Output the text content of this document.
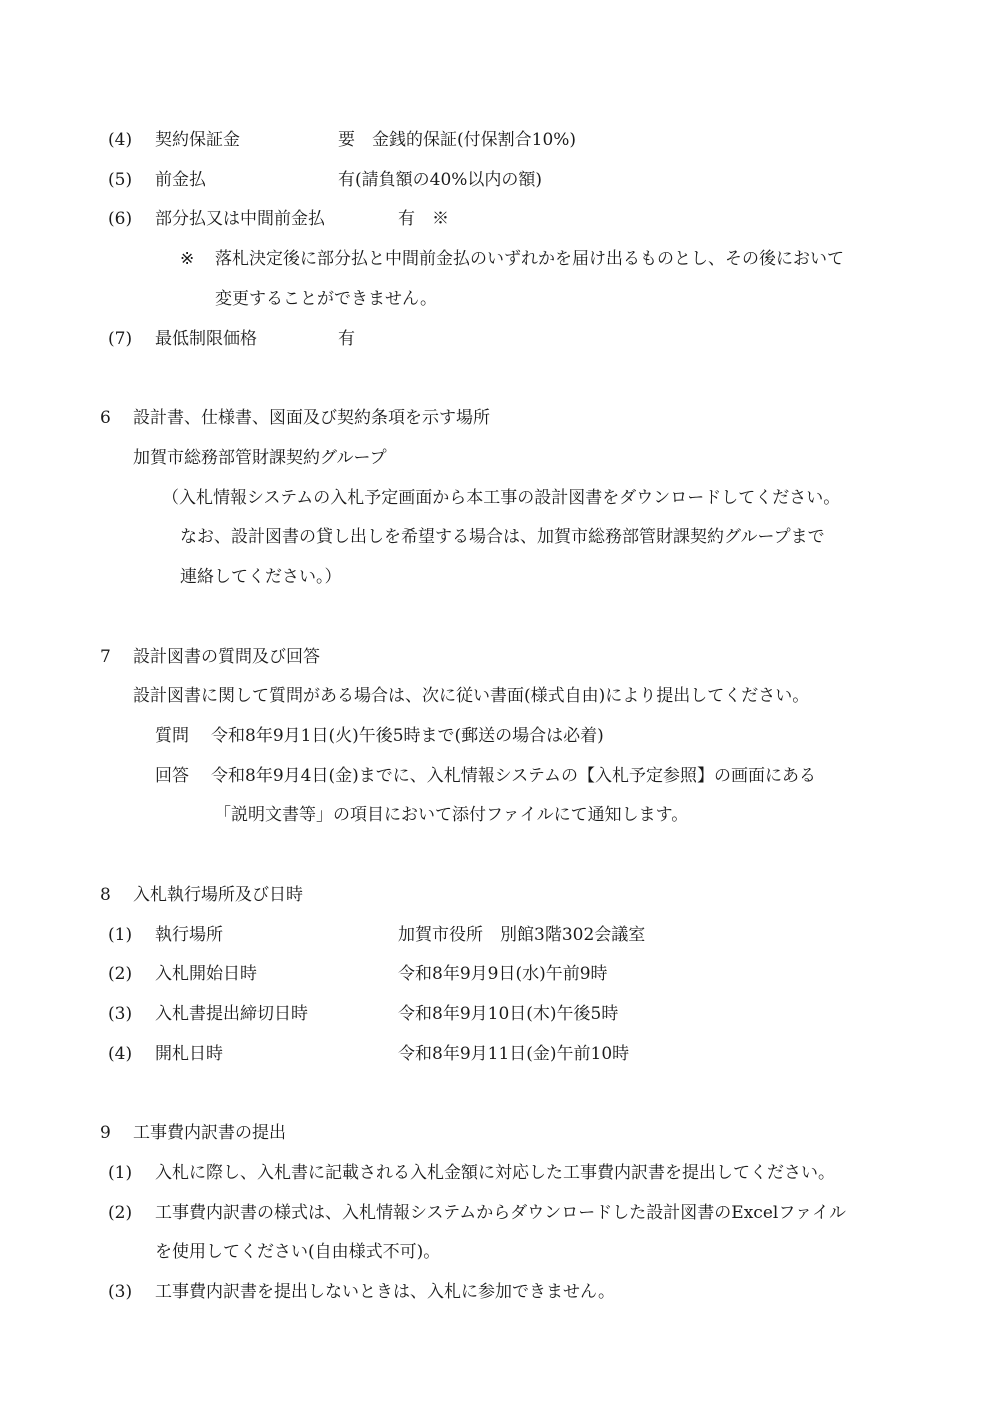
(4) 契約保証金	要　金銭的保証(付保割合10%)
(5) 前金払	有(請負額の40%以内の額)
(6) 部分払又は中間前金払	有　※
※ 落札決定後に部分払と中間前金払のいずれかを届け出るものとし、その後において
変更することができません。
(7) 最低制限価格	有
6 設計書、仕様書、図面及び契約条項を示す場所
加賀市総務部管財課契約グループ
（入札情報システムの入札予定画面から本工事の設計図書をダウンロードしてください。
なお、設計図書の貸し出しを希望する場合は、加賀市総務部管財課契約グループまで
連絡してください。）
7 設計図書の質問及び回答
設計図書に関して質問がある場合は、次に従い書面(様式自由)により提出してください。
質問 令和8年9月1日(火)午後5時まで(郵送の場合は必着)
回答 令和8年9月4日(金)までに、入札情報システムの【入札予定参照】の画面にある
「説明文書等」の項目において添付ファイルにて通知します。
8 入札執行場所及び日時
(1) 執行場所	加賀市役所　別館3階302会議室
(2) 入札開始日時	令和8年9月9日(水)午前9時
(3) 入札書提出締切日時	令和8年9月10日(木)午後5時
(4) 開札日時	令和8年9月11日(金)午前10時
9 工事費内訳書の提出
(1) 入札に際し、入札書に記載される入札金額に対応した工事費内訳書を提出してください。
(2) 工事費内訳書の様式は、入札情報システムからダウンロードした設計図書のExcelファイル
を使用してください(自由様式不可)。
(3) 工事費内訳書を提出しないときは、入札に参加できません。
